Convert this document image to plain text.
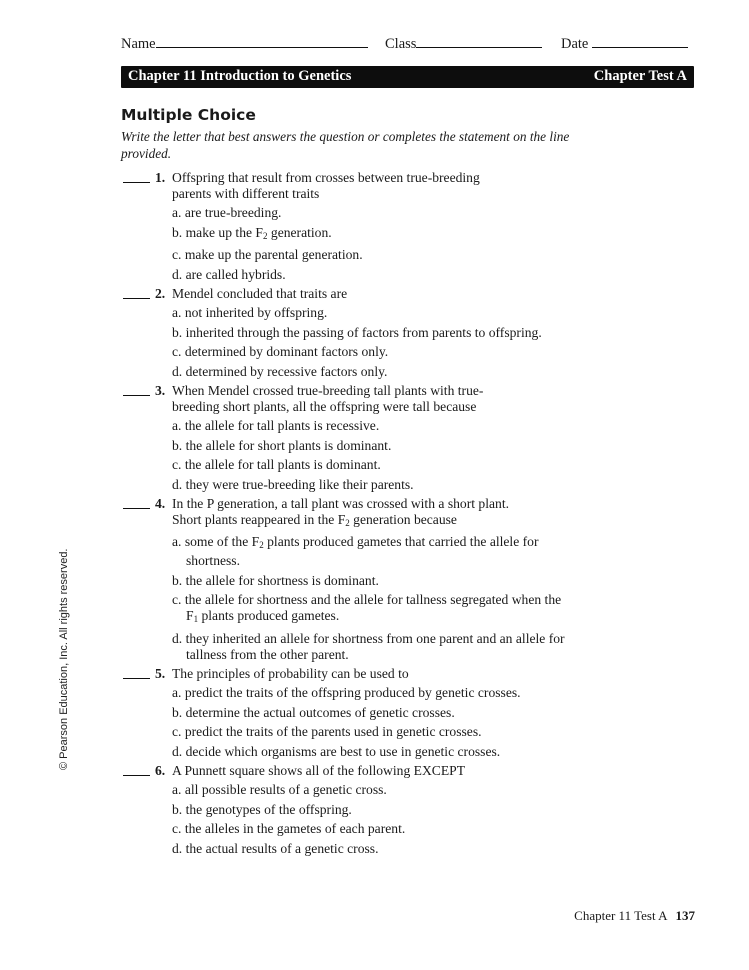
Name	Class	Date
Chapter 11 Introduction to Genetics	Chapter Test A
Multiple Choice
Write the letter that best answers the question or completes the statement on the line provided.
1. Offspring that result from crosses between true-breeding
parents with different traits
a. are true-breeding.
b. make up the $F_2$ generation.
c. make up the parental generation.
d. are called hybrids.
2. Mendel concluded that traits are
a. not inherited by offspring.
b. inherited through the passing of factors from parents to offspring.
c. determined by dominant factors only.
d. determined by recessive factors only.
3. When Mendel crossed true-breeding tall plants with true-
breeding short plants, all the offspring were tall because
a. the allele for tall plants is recessive.
b. the allele for short plants is dominant.
c. the allele for tall plants is dominant.
d. they were true-breeding like their parents.
4. In the P generation, a tall plant was crossed with a short plant.
Short plants reappeared in the $F_2$ generation because
a. some of the $F_2$ plants produced gametes that carried the allele for shortness.
b. the allele for shortness is dominant.
c. the allele for shortness and the allele for tallness segregated when the $F_1$ plants produced gametes.
d. they inherited an allele for shortness from one parent and an allele for tallness from the other parent.
5. The principles of probability can be used to
a. predict the traits of the offspring produced by genetic crosses.
b. determine the actual outcomes of genetic crosses.
c. predict the traits of the parents used in genetic crosses.
d. decide which organisms are best to use in genetic crosses.
6. A Punnett square shows all of the following EXCEPT
a. all possible results of a genetic cross.
b. the genotypes of the offspring.
c. the alleles in the gametes of each parent.
d. the actual results of a genetic cross.
© Pearson Education, Inc. All rights reserved.
Chapter 11 Test A 137
